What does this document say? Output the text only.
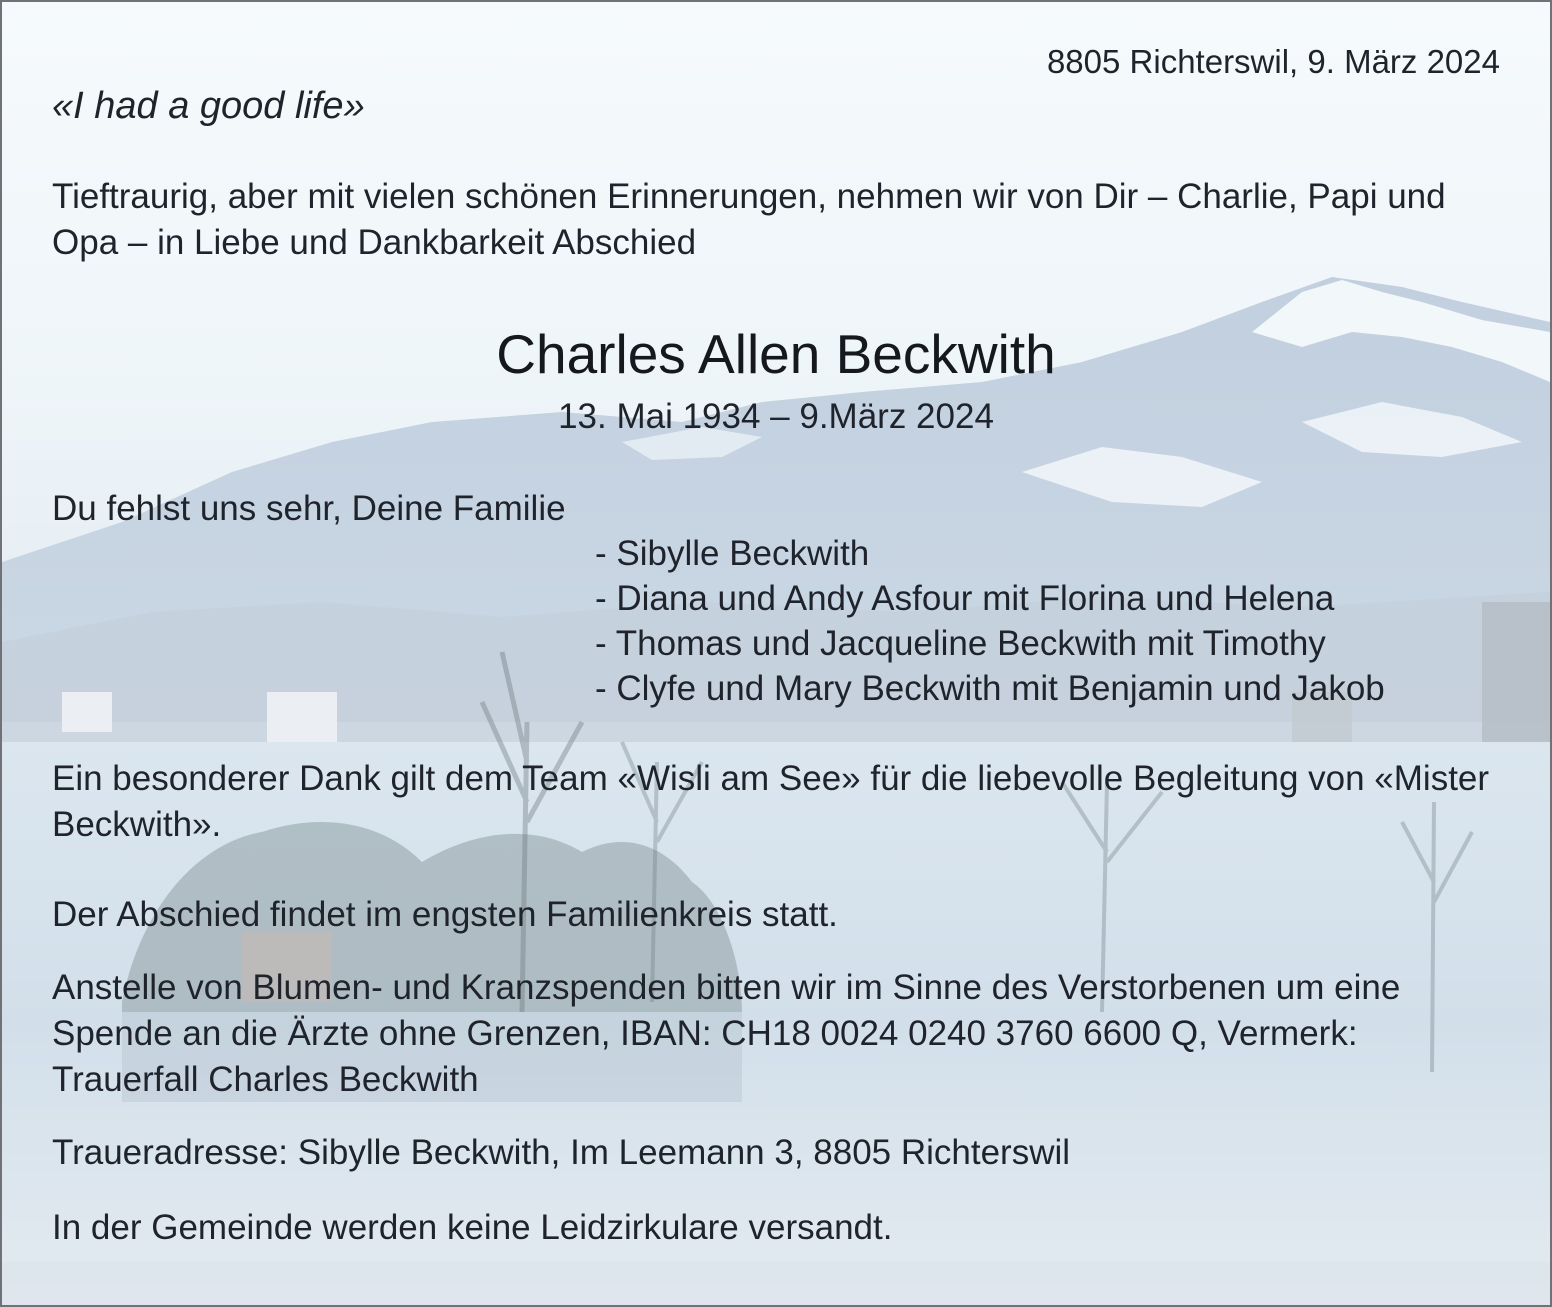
8805 Richterswil, 9. März 2024
«I had a good life»
Tieftraurig, aber mit vielen schönen Erinnerungen, nehmen wir von Dir – Charlie, Papi und Opa – in Liebe und Dankbarkeit Abschied
Charles Allen Beckwith
13. Mai 1934 – 9.März 2024
Du fehlst uns sehr, Deine Familie
- Sibylle Beckwith
- Diana und Andy Asfour mit Florina und Helena
- Thomas und Jacqueline Beckwith mit Timothy
- Clyfe und Mary Beckwith mit Benjamin und Jakob
Ein besonderer Dank gilt dem Team «Wisli am See» für die liebevolle Begleitung von «Mister Beckwith».
Der Abschied findet im engsten Familienkreis statt.
Anstelle von Blumen- und Kranzspenden bitten wir im Sinne des Verstorbenen um eine Spende an die Ärzte ohne Grenzen, IBAN: CH18 0024 0240 3760 6600 Q, Vermerk: Trauerfall Charles Beckwith
Traueradresse: Sibylle Beckwith, Im Leemann 3, 8805 Richterswil
In der Gemeinde werden keine Leidzirkulare versandt.
